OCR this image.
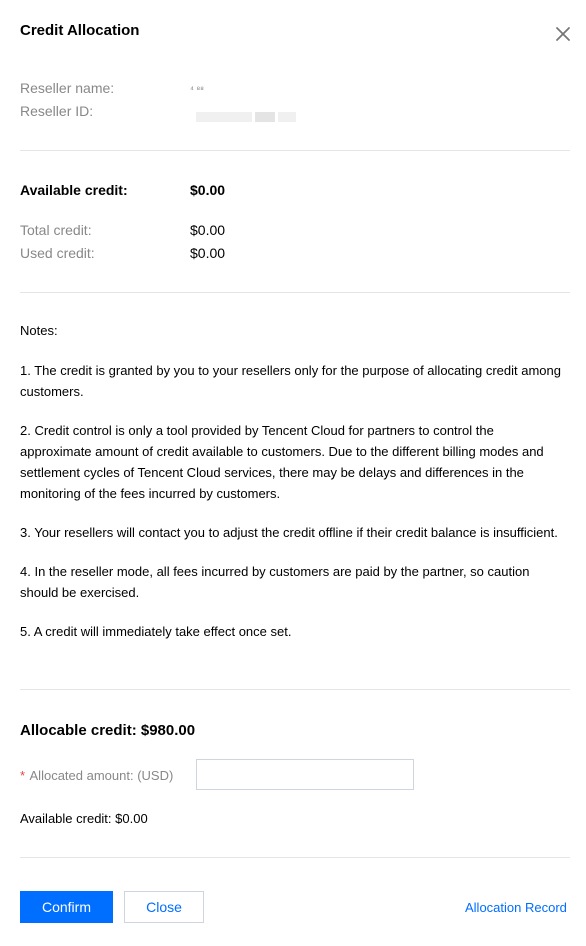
Credit Allocation
Reseller name:	⁴ ⁸⁸
Reseller ID:
Available credit:	$0.00
Total credit:	$0.00
Used credit:	$0.00

Notes:

1. The credit is granted by you to your resellers only for the purpose of allocating credit among customers.

2. Credit control is only a tool provided by Tencent Cloud for partners to control the approximate amount of credit available to customers. Due to the different billing modes and settlement cycles of Tencent Cloud services, there may be delays and differences in the monitoring of the fees incurred by customers.

3. Your resellers will contact you to adjust the credit offline if their credit balance is insufficient.

4. In the reseller mode, all fees incurred by customers are paid by the partner, so caution should be exercised.

5. A credit will immediately take effect once set.

Allocable credit: $980.00
* Allocated amount: (USD)
Available credit: $0.00
Confirm	Close	Allocation Record
